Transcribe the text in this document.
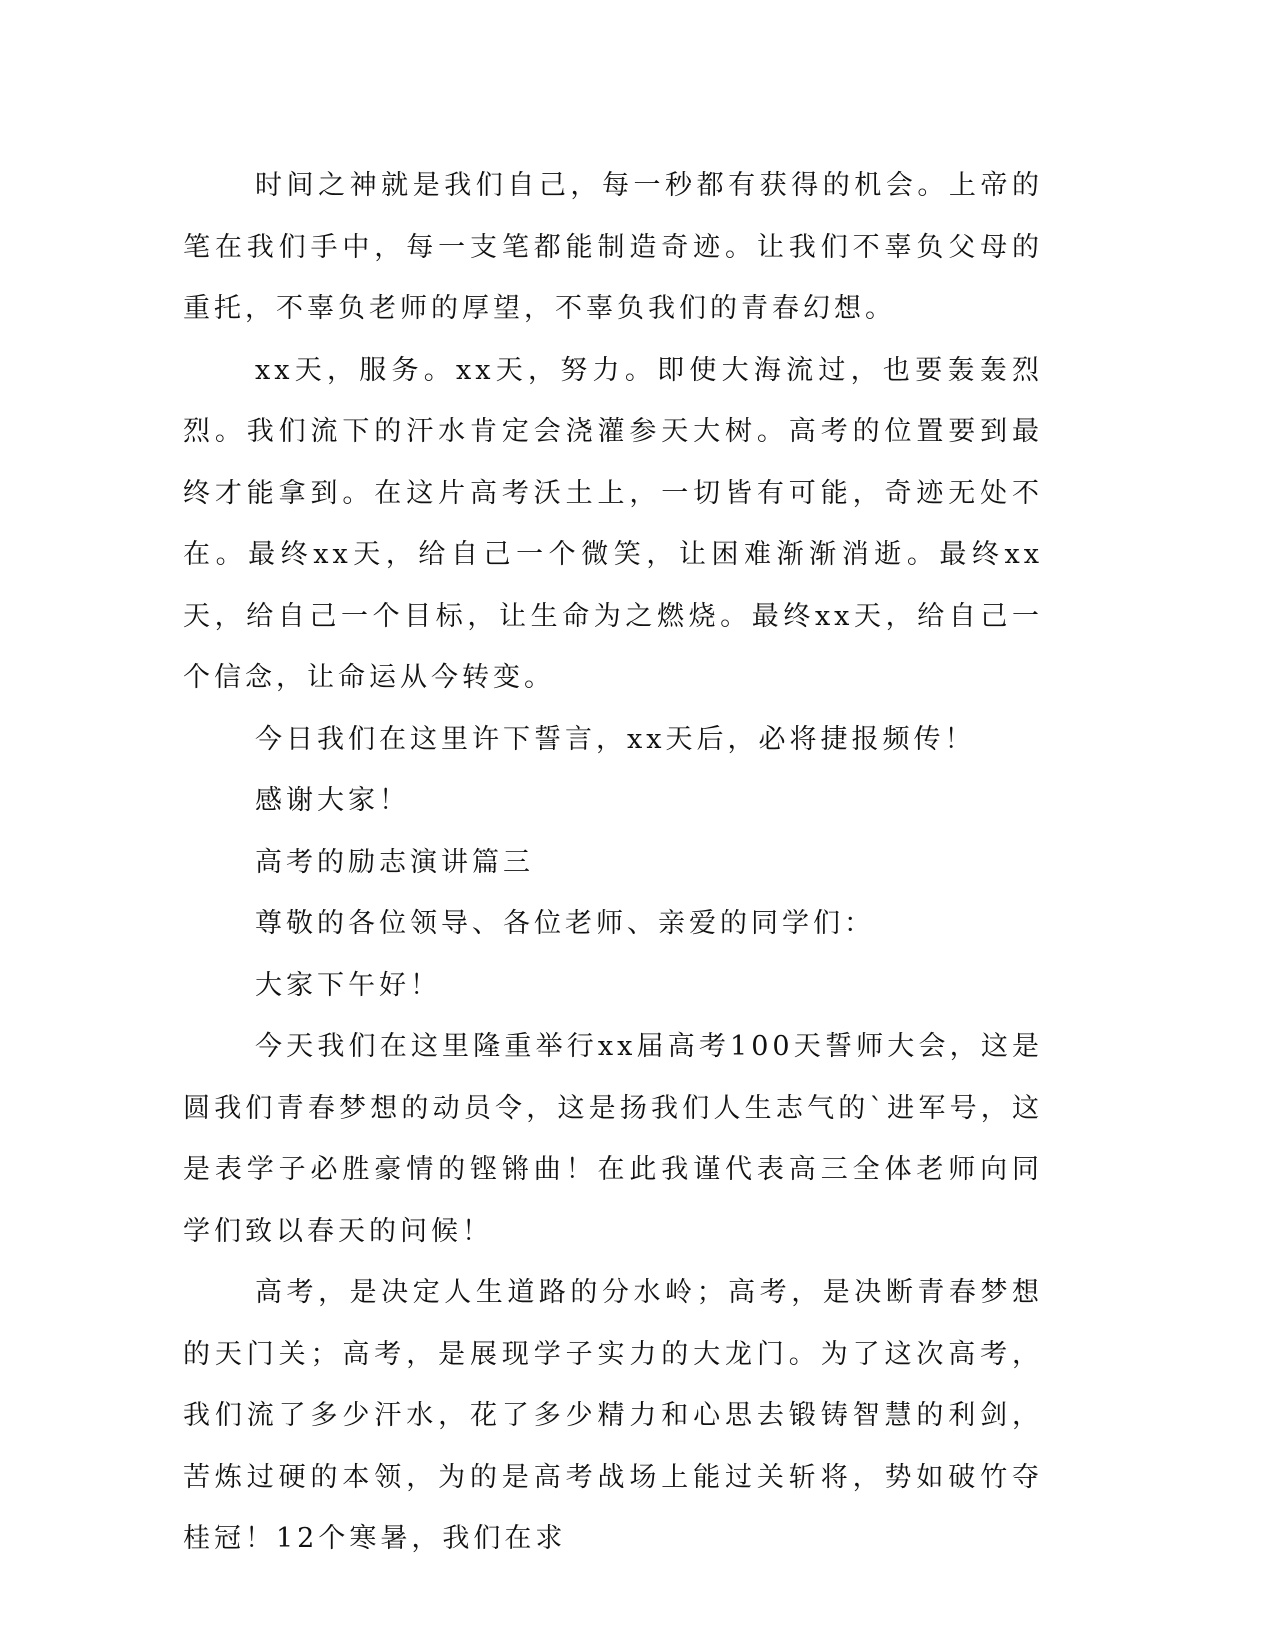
时间之神就是我们自己，每一秒都有获得的机会。上帝的笔在我们手中，每一支笔都能制造奇迹。让我们不辜负父母的重托，不辜负老师的厚望，不辜负我们的青春幻想。

xx天，服务。xx天，努力。即使大海流过，也要轰轰烈烈。我们流下的汗水肯定会浇灌参天大树。高考的位置要到最终才能拿到。在这片高考沃土上，一切皆有可能，奇迹无处不在。最终xx天，给自己一个微笑，让困难渐渐消逝。最终xx天，给自己一个目标，让生命为之燃烧。最终xx天，给自己一个信念，让命运从今转变。

今日我们在这里许下誓言，xx天后，必将捷报频传！

感谢大家！

高考的励志演讲篇三

尊敬的各位领导、各位老师、亲爱的同学们：

大家下午好！

今天我们在这里隆重举行xx届高考100天誓师大会，这是圆我们青春梦想的动员令，这是扬我们人生志气的`进军号，这是表学子必胜豪情的铿锵曲！在此我谨代表高三全体老师向同学们致以春天的问候！

高考，是决定人生道路的分水岭；高考，是决断青春梦想的天门关；高考，是展现学子实力的大龙门。为了这次高考，我们流了多少汗水，花了多少精力和心思去锻铸智慧的利剑，苦炼过硬的本领，为的是高考战场上能过关斩将，势如破竹夺桂冠！12个寒暑，我们在求
